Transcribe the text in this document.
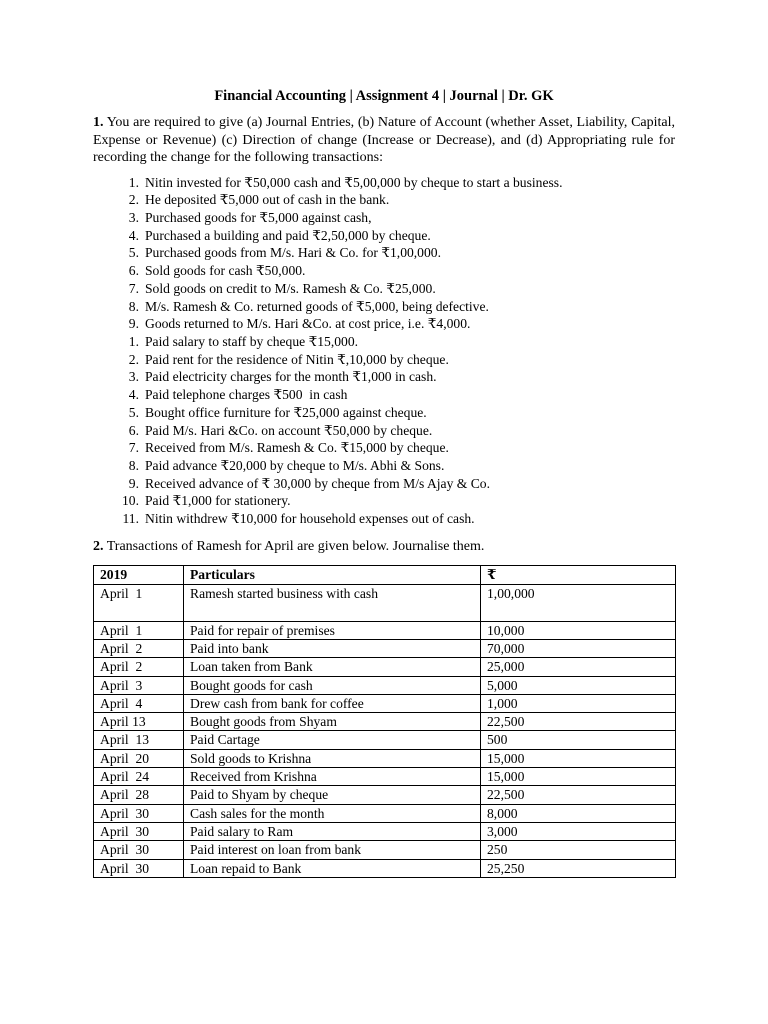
Financial Accounting | Assignment 4 | Journal | Dr. GK

1. You are required to give (a) Journal Entries, (b) Nature of Account (whether Asset, Liability, Capital, Expense or Revenue) (c) Direction of change (Increase or Decrease), and (d) Appropriating rule for recording the change for the following transactions:

1. Nitin invested for ₹50,000 cash and ₹5,00,000 by cheque to start a business.
2. He deposited ₹5,000 out of cash in the bank.
3. Purchased goods for ₹5,000 against cash,
4. Purchased a building and paid ₹2,50,000 by cheque.
5. Purchased goods from M/s. Hari & Co. for ₹1,00,000.
6. Sold goods for cash ₹50,000.
7. Sold goods on credit to M/s. Ramesh & Co. ₹25,000.
8. M/s. Ramesh & Co. returned goods of ₹5,000, being defective.
9. Goods returned to M/s. Hari &Co. at cost price, i.e. ₹4,000.
1. Paid salary to staff by cheque ₹15,000.
2. Paid rent for the residence of Nitin ₹,10,000 by cheque.
3. Paid electricity charges for the month ₹1,000 in cash.
4. Paid telephone charges ₹500  in cash
5. Bought office furniture for ₹25,000 against cheque.
6. Paid M/s. Hari &Co. on account ₹50,000 by cheque.
7. Received from M/s. Ramesh & Co. ₹15,000 by cheque.
8. Paid advance ₹20,000 by cheque to M/s. Abhi & Sons.
9. Received advance of ₹ 30,000 by cheque from M/s Ajay & Co.
10. Paid ₹1,000 for stationery.
11. Nitin withdrew ₹10,000 for household expenses out of cash.

2. Transactions of Ramesh for April are given below. Journalise them.

2019	Particulars	₹
April  1	Ramesh started business with cash	1,00,000
April  1	Paid for repair of premises	10,000
April  2	Paid into bank	70,000
April  2	Loan taken from Bank	25,000
April  3	Bought goods for cash	5,000
April  4	Drew cash from bank for coffee	1,000
April 13	Bought goods from Shyam	22,500
April  13	Paid Cartage	500
April  20	Sold goods to Krishna	15,000
April  24	Received from Krishna	15,000
April  28	Paid to Shyam by cheque	22,500
April  30	Cash sales for the month	8,000
April  30	Paid salary to Ram	3,000
April  30	Paid interest on loan from bank	250
April  30	Loan repaid to Bank	25,250
